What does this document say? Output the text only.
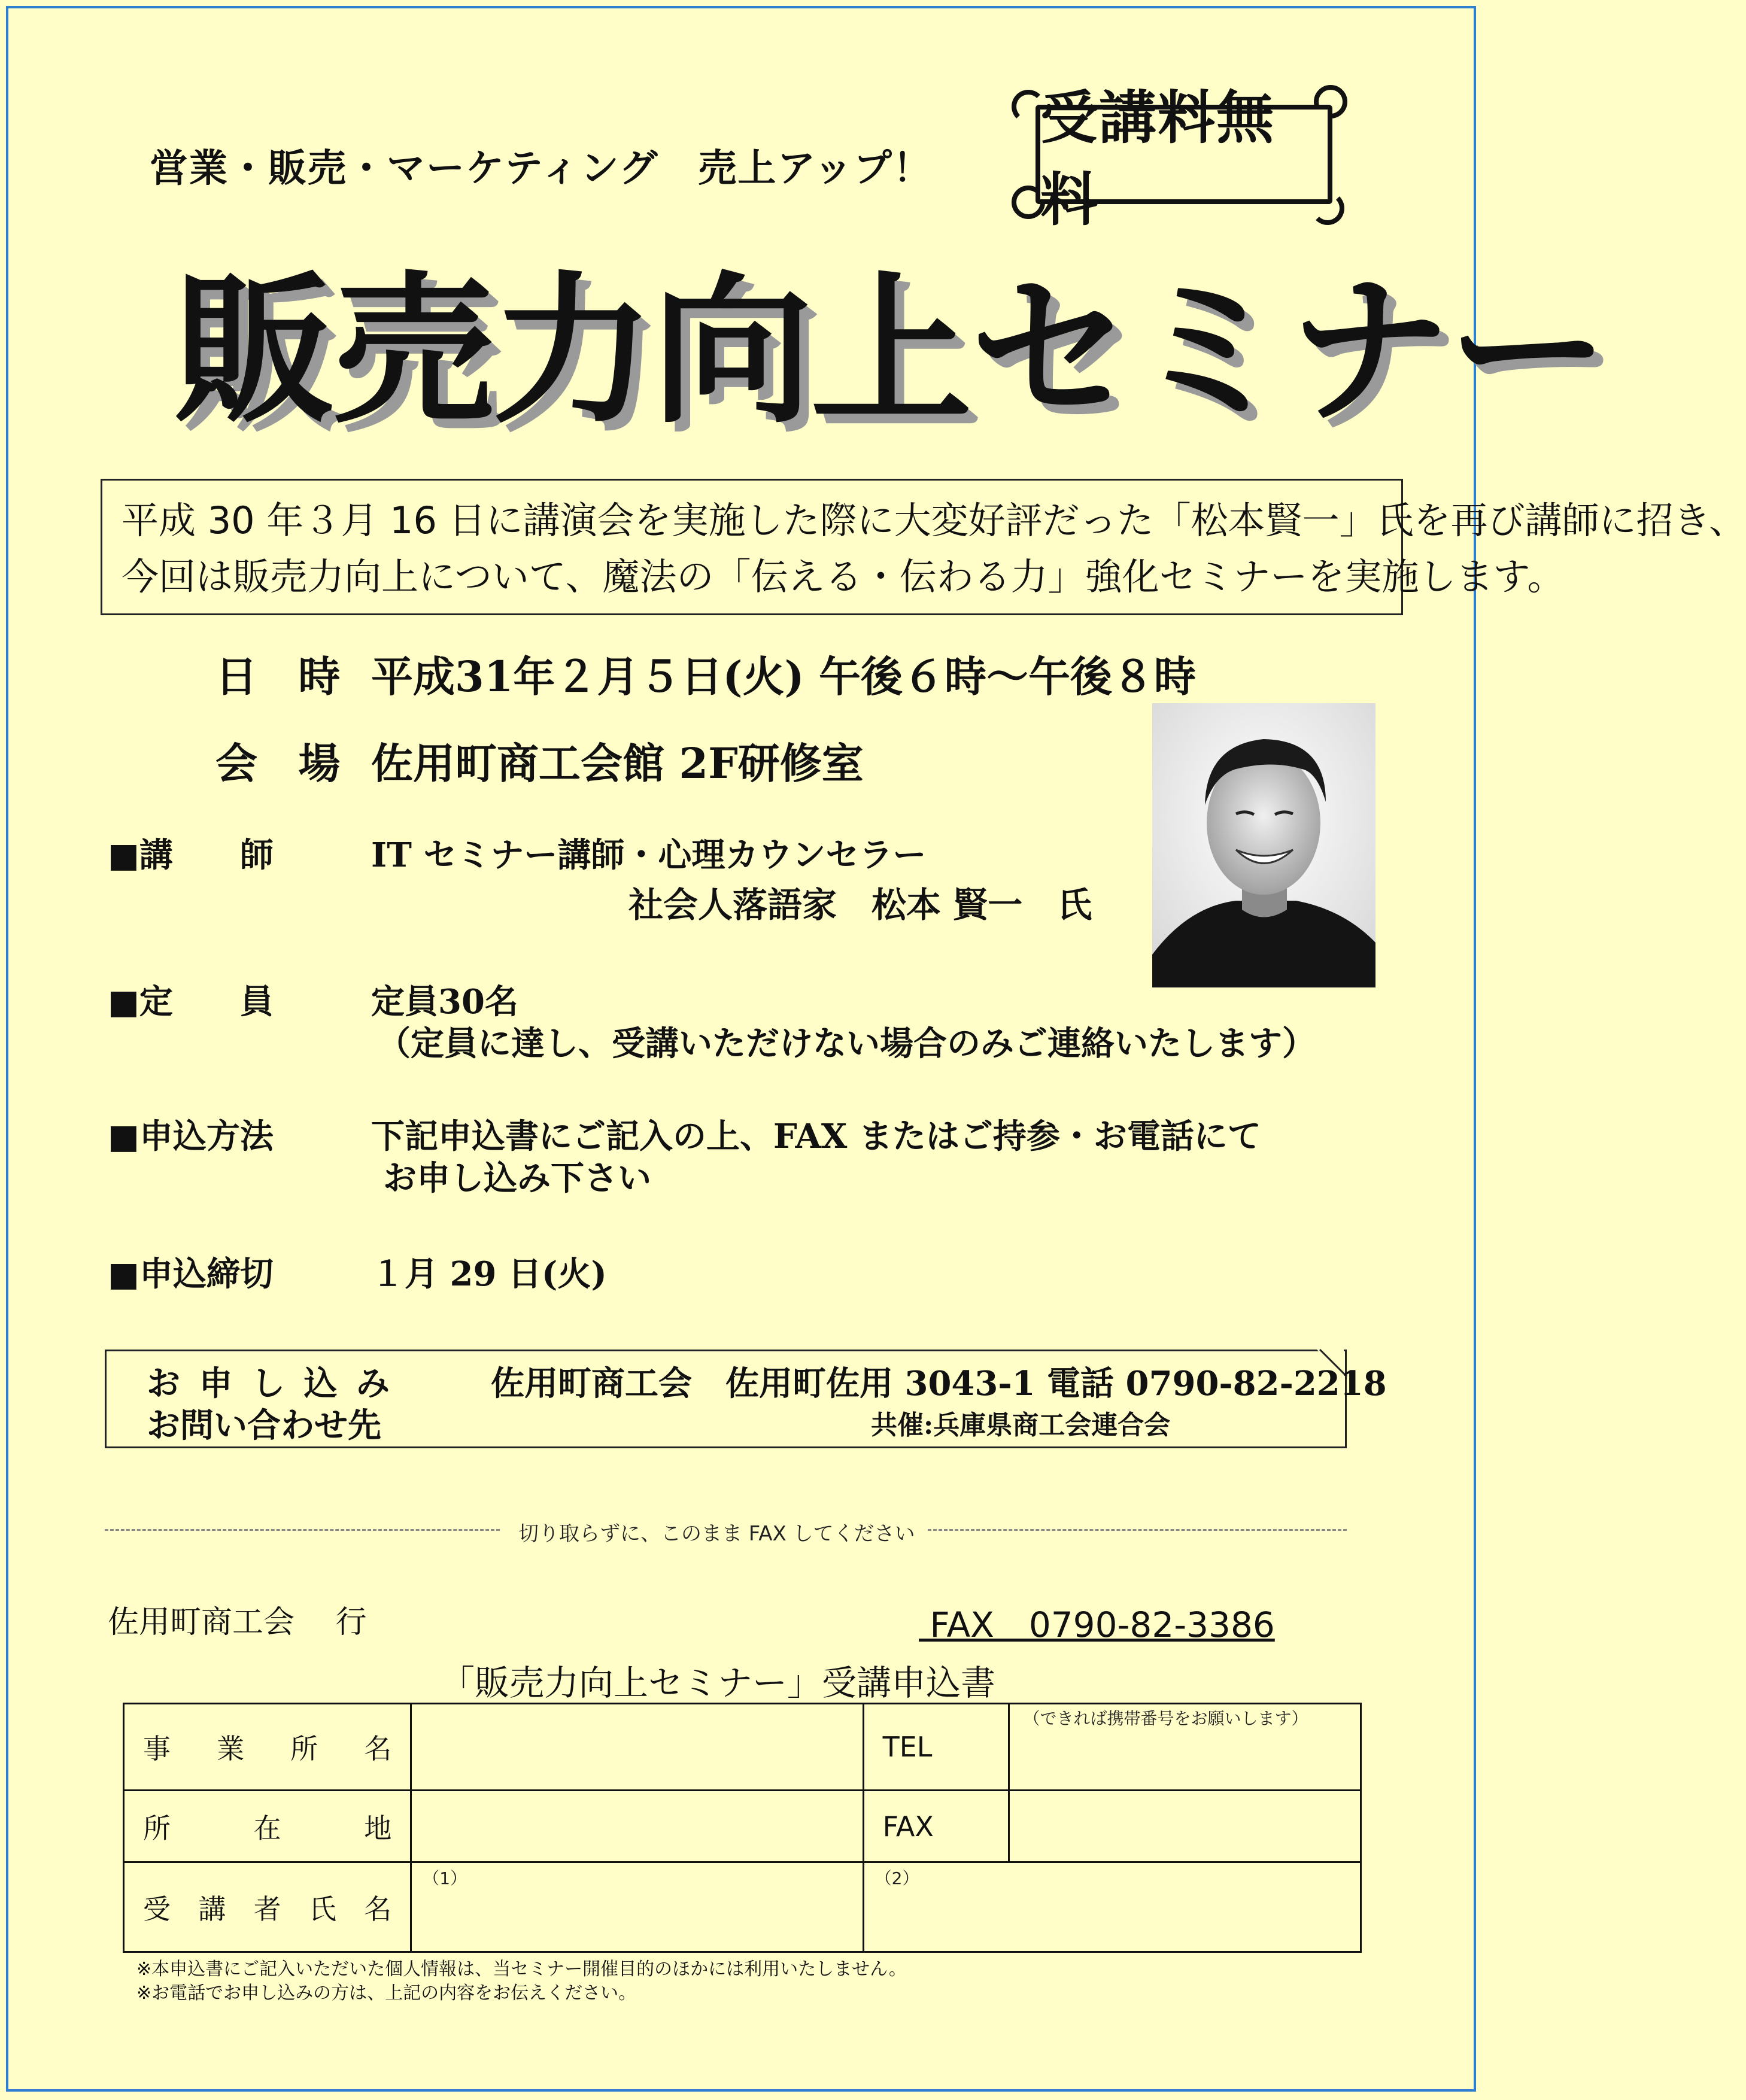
営業・販売・マーケティング　売上アップ！
受講料無料
販売力向上セミナー
平成 30 年３月 16 日に講演会を実施した際に大変好評だった「松本賢一」氏を再び講師に招き、
今回は販売力向上について、魔法の「伝える・伝わる力」強化セミナーを実施します。
日 時 平成31年２月５日(火) 午後６時～午後８時
会 場 佐用町商工会館 2F研修室
■講　　師	IT セミナー講師・心理カウンセラー
社会人落語家　松本 賢一　氏
■定　　員	定員30名
（定員に達し、受講いただけない場合のみご連絡いたします）
■申込方法	下記申込書にご記入の上、FAX またはご持参・お電話にて
お申し込み下さい
■申込締切	１月 29 日(火)
お 申 し 込 み
お問い合わせ先
佐用町商工会　佐用町佐用 3043-1 電話 0790-82-2218
共催:兵庫県商工会連合会
切り取らずに、このまま FAX してください
佐用町商工会　 行	FAX　0790-82-3386
「販売力向上セミナー」受講申込書
事業所名		TEL	（できれば携帯番号をお願いします）

所在地		FAX	

受講者氏名	（1）	（2）	
※本申込書にご記入いただいた個人情報は、当セミナー開催目的のほかには利用いたしません。
※お電話でお申し込みの方は、上記の内容をお伝えください。
